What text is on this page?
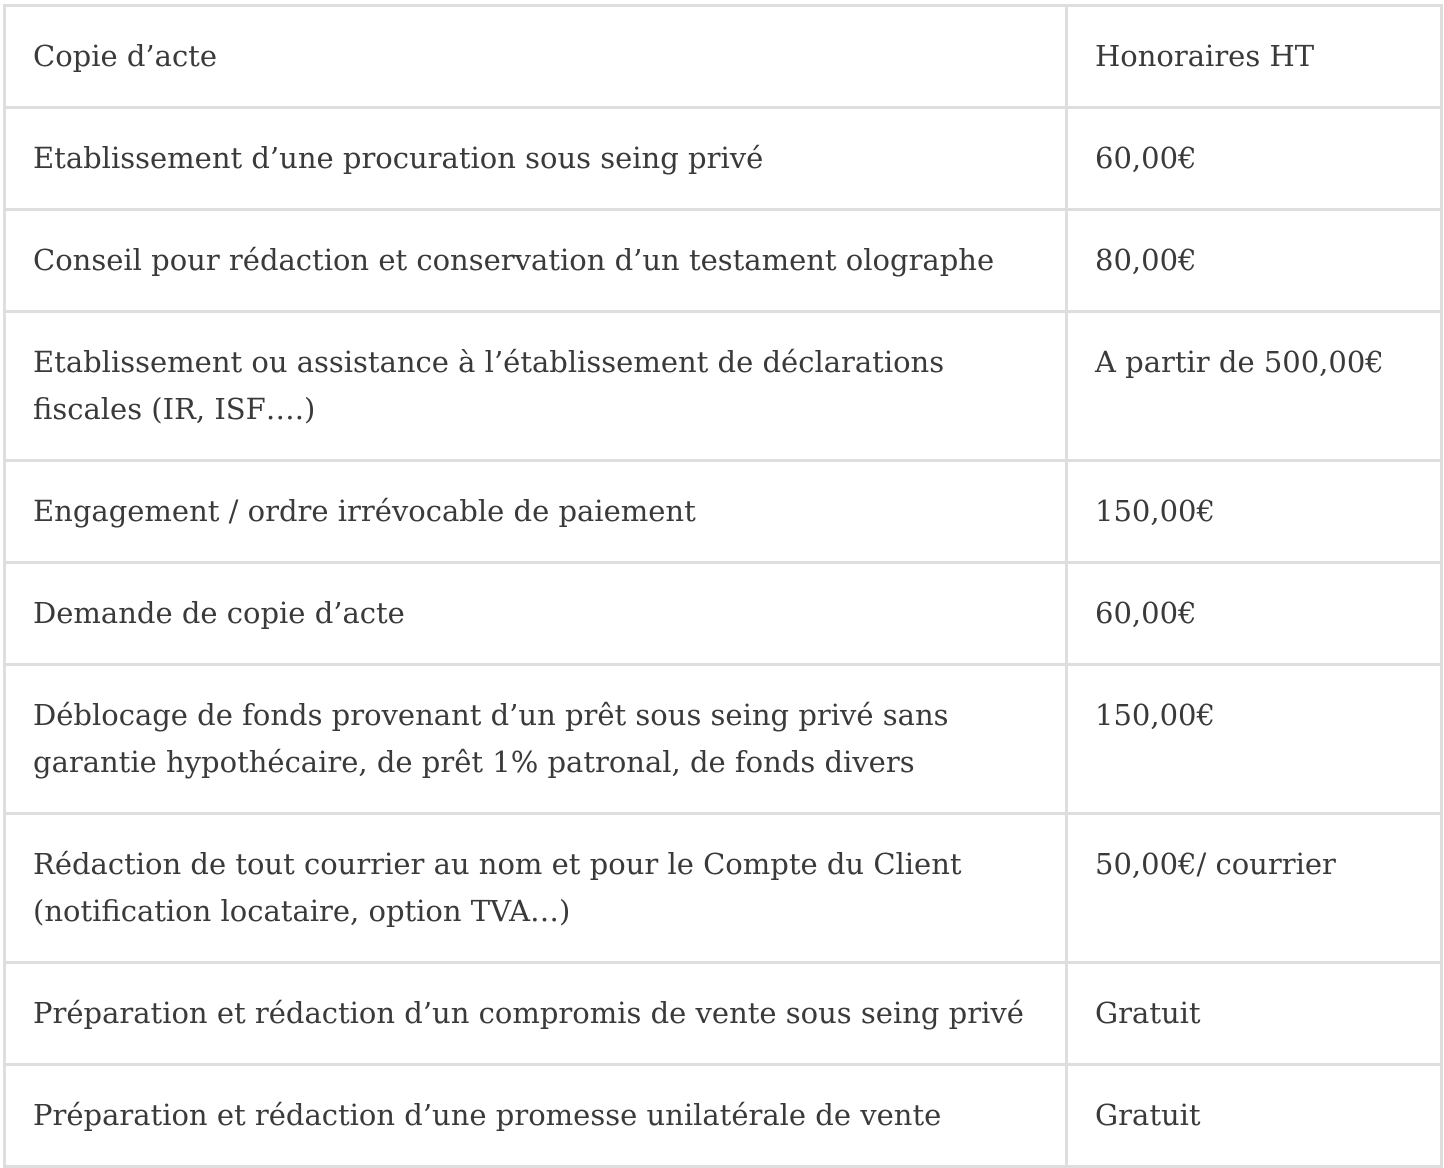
Copie d’acte	Honoraires HT
Etablissement d’une procuration sous seing privé	60,00€
Conseil pour rédaction et conservation d’un testament olographe	80,00€
Etablissement ou assistance à l’établissement de déclarations fiscales (IR, ISF….)	A partir de 500,00€
Engagement / ordre irrévocable de paiement	150,00€
Demande de copie d’acte	60,00€
Déblocage de fonds provenant d’un prêt sous seing privé sans garantie hypothécaire, de prêt 1% patronal, de fonds divers	150,00€
Rédaction de tout courrier au nom et pour le Compte du Client (notification locataire, option TVA…)	50,00€/ courrier
Préparation et rédaction d’un compromis de vente sous seing privé	Gratuit
Préparation et rédaction d’une promesse unilatérale de vente	Gratuit
